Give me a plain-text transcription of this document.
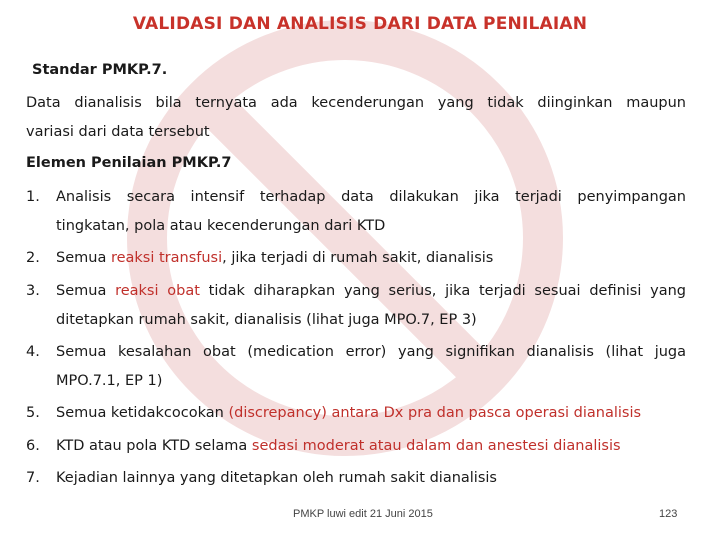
VALIDASI DAN ANALISIS DARI DATA PENILAIAN
Standar PMKP.7.
Data dianalisis bila ternyata ada kecenderungan yang tidak diinginkan maupun
variasi dari data tersebut
Elemen Penilaian PMKP.7
1. Analisis secara intensif terhadap data dilakukan jika terjadi penyimpangan
tingkatan, pola atau kecenderungan dari KTD
2. Semua reaksi transfusi, jika terjadi di rumah sakit, dianalisis
3. Semua reaksi obat tidak diharapkan yang serius, jika terjadi sesuai definisi yang
ditetapkan rumah sakit, dianalisis (lihat juga MPO.7, EP 3)
4. Semua kesalahan obat (medication error) yang signifikan dianalisis (lihat juga
MPO.7.1, EP 1)
5. Semua ketidakcocokan (discrepancy) antara Dx pra dan pasca operasi dianalisis
6. KTD atau pola KTD selama sedasi moderat atau dalam dan anestesi dianalisis
7. Kejadian lainnya yang ditetapkan oleh rumah sakit dianalisis
PMKP luwi edit 21 Juni 2015	123
